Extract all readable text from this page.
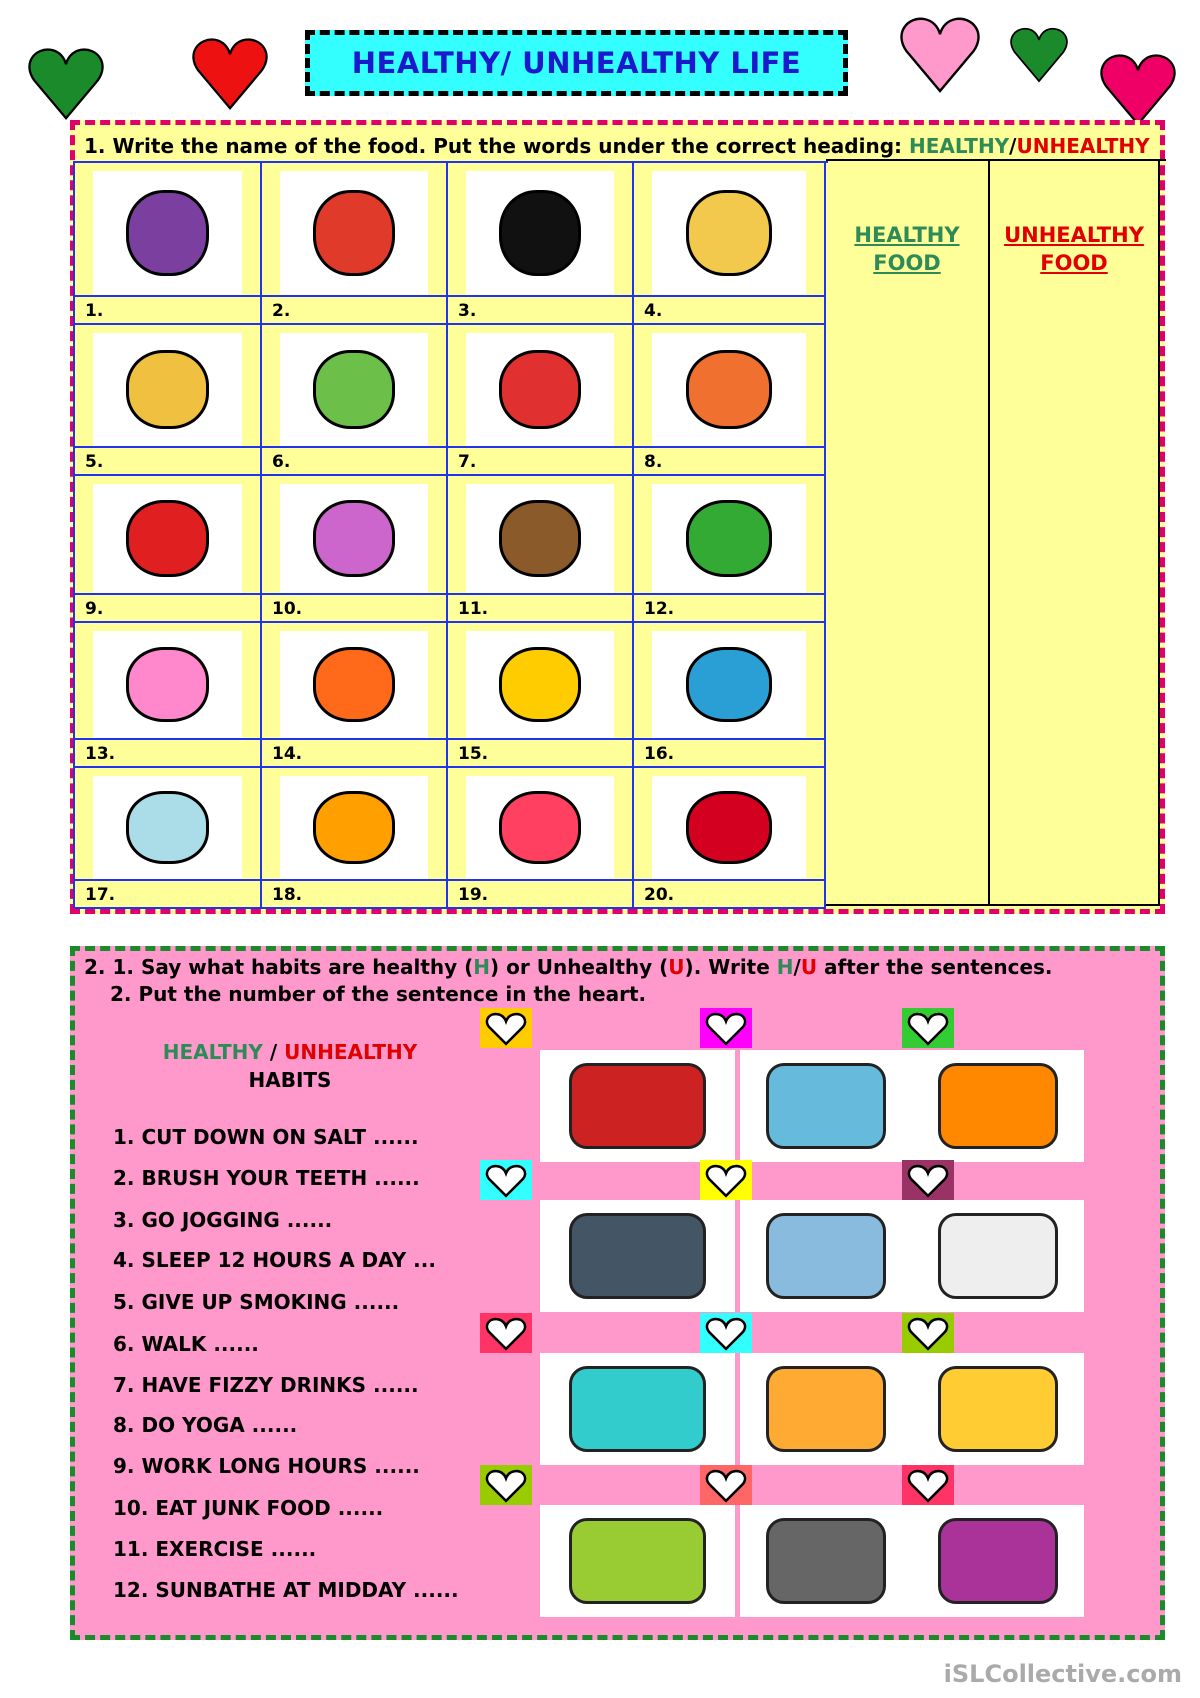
HEALTHY/ UNHEALTHY LIFE
1. Write the name of the food. Put the words under the correct heading: HEALTHY/UNHEALTHY
1.	2.	3.	4.
5.	6.	7.	8.
9.	10.	11.	12.
13.	14.	15.	16.
17.	18.	19.	20.
HEALTHY
FOOD
UNHEALTHY
FOOD
2. 1. Say what habits are healthy (H) or Unhealthy (U). Write H/U after the sentences.
2. Put the number of the sentence in the heart.
HEALTHY / UNHEALTHY
HABITS
1. CUT DOWN ON SALT ......
2. BRUSH YOUR TEETH ......
3. GO JOGGING ......
4. SLEEP 12 HOURS A DAY ...
5. GIVE UP SMOKING ......
6. WALK ......
7. HAVE FIZZY DRINKS ......
8. DO YOGA ......
9. WORK LONG HOURS ......
10. EAT JUNK FOOD ......
11. EXERCISE ......
12. SUNBATHE AT MIDDAY ......
iSLCollective.com
